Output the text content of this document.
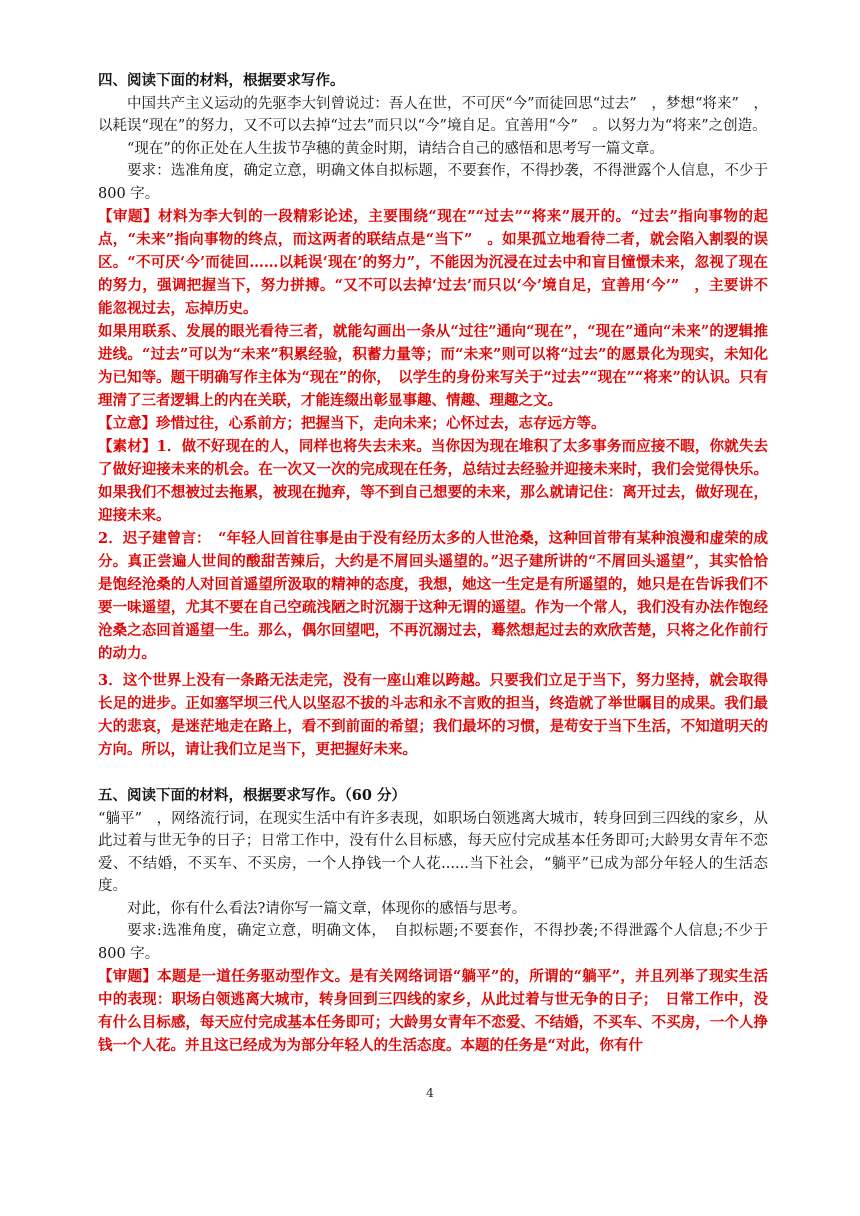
四、阅读下面的材料，根据要求写作。

中国共产主义运动的先驱李大钊曾说过：吾人在世，不可厌“今”而徒回思“过去”　，梦想“将来”　，以耗误“现在”的努力，又不可以去掉“过去”而只以“今”境自足。宜善用“今”　。以努力为“将来”之创造。

“现在”的你正处在人生拔节孕穗的黄金时期，请结合自己的感悟和思考写一篇文章。

要求：选准角度，确定立意，明确文体自拟标题，不要套作，不得抄袭，不得泄露个人信息，不少于 800 字。

【审题】材料为李大钊的一段精彩论述，主要围绕“现在”“过去”“将来”展开的。“过去”指向事物的起点，“未来”指向事物的终点，而这两者的联结点是“当下”　。如果孤立地看待二者，就会陷入割裂的误区。“不可厌‘今’而徒回……以耗误‘现在’的努力”，不能因为沉浸在过去中和盲目憧憬未来，忽视了现在的努力，强调把握当下，努力拼搏。“又不可以去掉‘过去’而只以‘今’境自足，宜善用‘今’”　，主要讲不能忽视过去，忘掉历史。

如果用联系、发展的眼光看待三者，就能勾画出一条从“过往”通向“现在”，“现在”通向“未来”的逻辑推进线。“过去”可以为“未来”积累经验，积蓄力量等；而“未来”则可以将“过去”的愿景化为现实，未知化为已知等。题干明确写作主体为“现在”的你，　以学生的身份来写关于“过去”“现在”“将来”的认识。只有理清了三者逻辑上的内在关联，才能连缀出彰显事趣、情趣、理趣之文。

【立意】珍惜过往，心系前方；把握当下，走向未来；心怀过去，志存远方等。

【素材】1．做不好现在的人，同样也将失去未来。当你因为现在堆积了太多事务而应接不暇，你就失去了做好迎接未来的机会。在一次又一次的完成现在任务，总结过去经验并迎接未来时，我们会觉得快乐。如果我们不想被过去拖累，被现在抛弃，等不到自己想要的未来，那么就请记住：离开过去，做好现在，迎接未来。

2．迟子建曾言：　“年轻人回首往事是由于没有经历太多的人世沧桑，这种回首带有某种浪漫和虚荣的成分。真正尝遍人世间的酸甜苦辣后，大约是不屑回头遥望的。”迟子建所讲的“不屑回头遥望”，其实恰恰是饱经沧桑的人对回首遥望所汲取的精神的态度，我想，她这一生定是有所遥望的，她只是在告诉我们不要一味遥望，尤其不要在自己空疏浅陋之时沉溺于这种无谓的遥望。作为一个常人，我们没有办法作饱经沧桑之态回首遥望一生。那么，偶尔回望吧，不再沉溺过去，蓦然想起过去的欢欣苦楚，只将之化作前行的动力。

3．这个世界上没有一条路无法走完，没有一座山难以跨越。只要我们立足于当下，努力坚持，就会取得长足的进步。正如塞罕坝三代人以坚忍不拔的斗志和永不言败的担当，终造就了举世瞩目的成果。我们最大的悲哀，是迷茫地走在路上，看不到前面的希望；我们最坏的习惯，是苟安于当下生活，不知道明天的方向。所以，请让我们立足当下，更把握好未来。

五、阅读下面的材料，根据要求写作。（60 分）

“躺平”　，网络流行词，在现实生活中有许多表现，如职场白领逃离大城市，转身回到三四线的家乡，从此过着与世无争的日子；日常工作中，没有什么目标感，每天应付完成基本任务即可;大龄男女青年不恋爱、不结婚，不买车、不买房，一个人挣钱一个人花......当下社会，“躺平”已成为部分年轻人的生活态度。

对此，你有什么看法?请你写一篇文章，体现你的感悟与思考。

要求:选准角度，确定立意，明确文体，　自拟标题;不要套作，不得抄袭;不得泄露个人信息;不少于 800 字。

【审题】本题是一道任务驱动型作文。是有关网络词语“躺平”的，所谓的“躺平”，并且列举了现实生活中的表现：职场白领逃离大城市，转身回到三四线的家乡，从此过着与世无争的日子；　日常工作中，没有什么目标感，每天应付完成基本任务即可；大龄男女青年不恋爱、不结婚，不买车、不买房，一个人挣钱一个人花。并且这已经成为为部分年轻人的生活态度。本题的任务是“对此，你有什

4
